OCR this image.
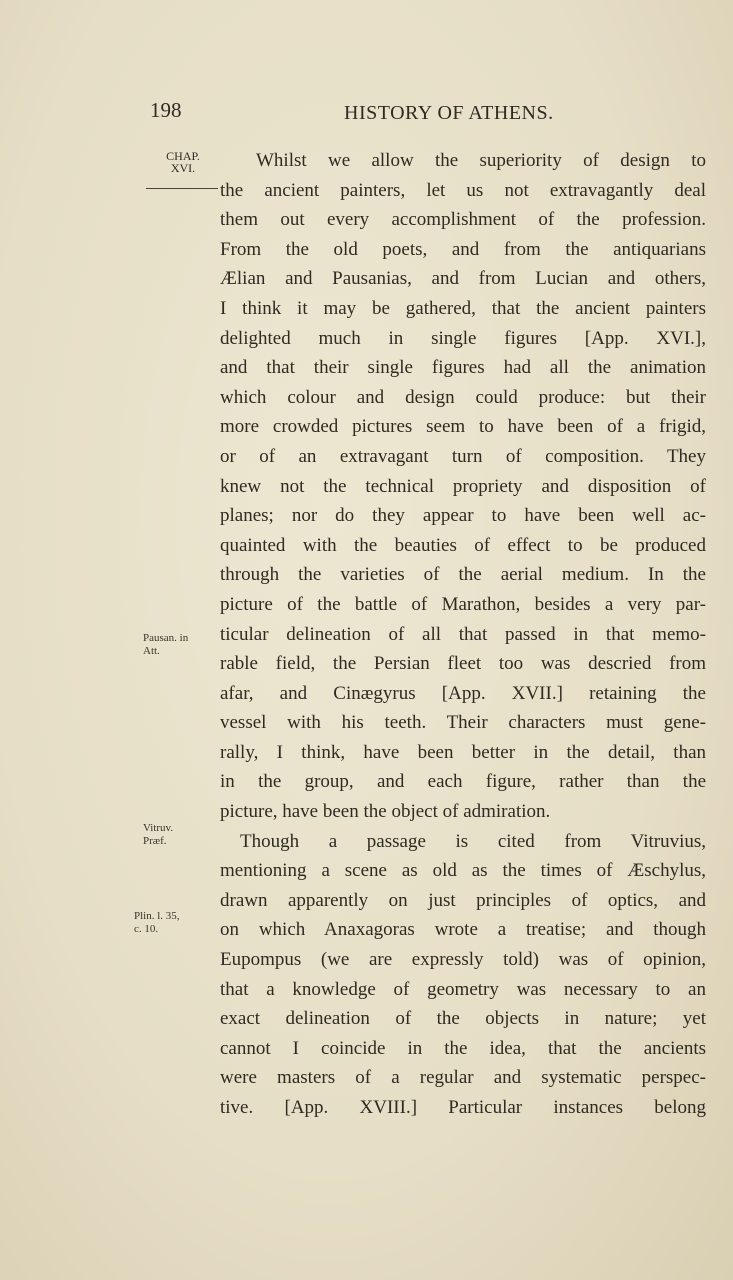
198	HISTORY OF ATHENS.
CHAP.
XVI.
Pausan. in
Att.
Vitruv.
Præf.
Plin. l. 35,
c. 10.
Whilst we allow the superiority of design to
the ancient painters, let us not extravagantly deal
them out every accomplishment of the profession.
From the old poets, and from the antiquarians
Ælian and Pausanias, and from Lucian and others,
I think it may be gathered, that the ancient painters
delighted much in single figures [App. XVI.],
and that their single figures had all the animation
which colour and design could produce: but their
more crowded pictures seem to have been of a frigid,
or of an extravagant turn of composition. They
knew not the technical propriety and disposition of
planes; nor do they appear to have been well ac-
quainted with the beauties of effect to be produced
through the varieties of the aerial medium. In the
picture of the battle of Marathon, besides a very par-
ticular delineation of all that passed in that memo-
rable field, the Persian fleet too was descried from
afar, and Cinægyrus [App. XVII.] retaining the
vessel with his teeth. Their characters must gene-
rally, I think, have been better in the detail, than
in the group, and each figure, rather than the
picture, have been the object of admiration.
Though a passage is cited from Vitruvius,
mentioning a scene as old as the times of Æschylus,
drawn apparently on just principles of optics, and
on which Anaxagoras wrote a treatise; and though
Eupompus (we are expressly told) was of opinion,
that a knowledge of geometry was necessary to an
exact delineation of the objects in nature; yet
cannot I coincide in the idea, that the ancients
were masters of a regular and systematic perspec-
tive. [App. XVIII.] Particular instances belong
